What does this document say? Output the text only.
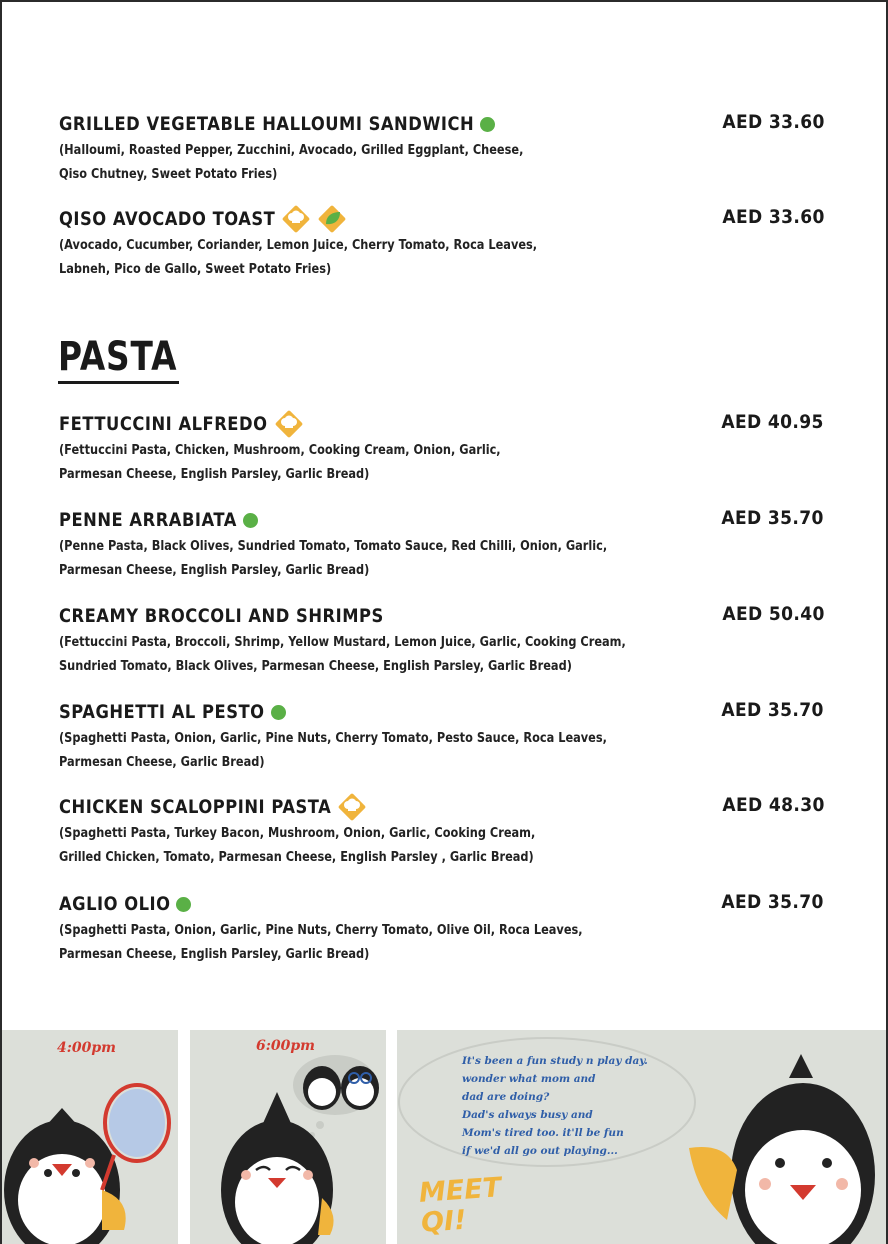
GRILLED VEGETABLE HALLOUMI SANDWICH
(Halloumi, Roasted Pepper, Zucchini, Avocado, Grilled Eggplant, Cheese,
Qiso Chutney, Sweet Potato Fries)
AED 33.60
QISO AVOCADO TOAST
(Avocado, Cucumber, Coriander, Lemon Juice, Cherry Tomato, Roca Leaves,
Labneh, Pico de Gallo, Sweet Potato Fries)
AED 33.60
PASTA
FETTUCCINI ALFREDO
(Fettuccini Pasta, Chicken, Mushroom, Cooking Cream, Onion, Garlic,
Parmesan Cheese, English Parsley, Garlic Bread)
AED 40.95
PENNE ARRABIATA
(Penne Pasta, Black Olives, Sundried Tomato, Tomato Sauce, Red Chilli, Onion, Garlic,
Parmesan Cheese, English Parsley, Garlic Bread)
AED 35.70
CREAMY BROCCOLI AND SHRIMPS
(Fettuccini Pasta, Broccoli, Shrimp, Yellow Mustard, Lemon Juice, Garlic, Cooking Cream,
Sundried Tomato, Black Olives, Parmesan Cheese, English Parsley, Garlic Bread)
AED 50.40
SPAGHETTI AL PESTO
(Spaghetti Pasta, Onion, Garlic, Pine Nuts, Cherry Tomato, Pesto Sauce, Roca Leaves,
Parmesan Cheese, Garlic Bread)
AED 35.70
CHICKEN SCALOPPINI PASTA
(Spaghetti Pasta, Turkey Bacon, Mushroom, Onion, Garlic, Cooking Cream,
Grilled Chicken, Tomato, Parmesan Cheese, English Parsley , Garlic Bread)
AED 48.30
AGLIO OLIO
(Spaghetti Pasta, Onion, Garlic, Pine Nuts, Cherry Tomato, Olive Oil, Roca Leaves,
Parmesan Cheese, English Parsley, Garlic Bread)
AED 35.70
4:00pm	6:00pm
It's been a fun study n play day.
wonder what mom and
dad are doing?
Dad's always busy and
Mom's tired too. it'll be fun
if we'd all go out playing...
MEET
QI!
